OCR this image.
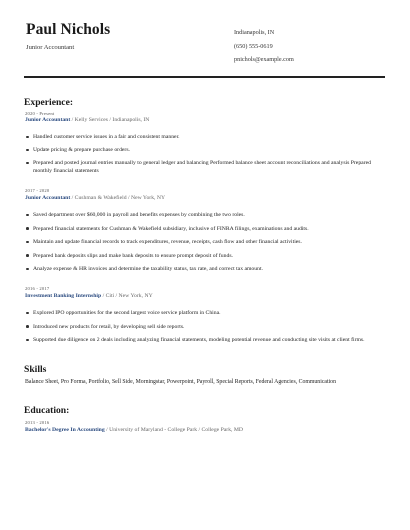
Paul Nichols
Junior Accountant
Indianapolis, IN
(650) 555-0619
pnichols@example.com
Experience:
2020 - Present
Junior Accountant / Kelly Services / Indianapolis, IN
Handled customer service issues in a fair and consistent manner.
Update pricing & prepare purchase orders.
Prepared and posted journal entries manually to general ledger and balancing Performed balance sheet account reconciliations and analysis Prepared monthly financial statements
2017 - 2020
Junior Accountant / Cushman & Wakefield / New York, NY
Saved department over $60,000 in payroll and benefits expenses by combining the two roles.
Prepared financial statements for Cushman & Wakefield subsidiary, inclusive of FINRA filings, examinations and audits.
Maintain and update financial records to track expenditures, revenue, receipts, cash flow and other financial activities.
Prepared bank deposits slips and make bank deposits to ensure prompt deposit of funds.
Analyze expense & HR invoices and determine the taxability status, tax rate, and correct tax amount.
2016 - 2017
Investment Banking Internship / Citi / New York, NY
Explored IPO opportunities for the second largest voice service platform in China.
Introduced new products for retail, by developing sell side reports.
Supported due diligence on 2 deals including analyzing financial statements, modeling potential revenue and conducting site visits at client firms.
Skills
Balance Sheet, Pro Forma, Portfolio, Sell Side, Morningstar, Powerpoint, Payroll, Special Reports, Federal Agencies, Communication
Education:
2013 - 2016
Bachelor's Degree In Accounting / University of Maryland - College Park / College Park, MD
